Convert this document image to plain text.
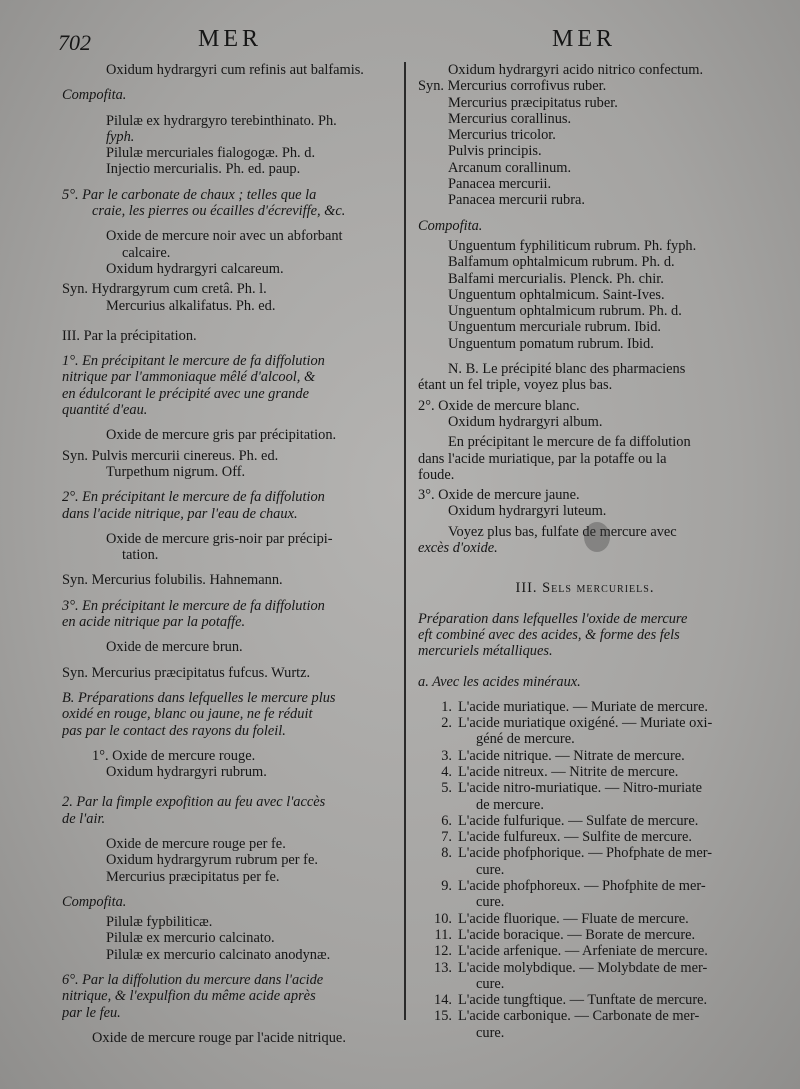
702	MER	MER
Oxidum hydrargyri cum refinis aut balfamis.
Compofita.
Pilulæ ex hydrargyro terebinthinato. Ph.
fyph.
Pilulæ mercuriales fialogogæ. Ph. d.
Injectio mercurialis. Ph. ed. paup.
5°. Par le carbonate de chaux ; telles que la
craie, les pierres ou écailles d'écreviffe, &c.
Oxide de mercure noir avec un abforbant
calcaire.
Oxidum hydrargyri calcareum.
Syn. Hydrargyrum cum cretâ. Ph. l.
Mercurius alkalifatus. Ph. ed.
III. Par la précipitation.
1°. En précipitant le mercure de fa diffolution
nitrique par l'ammoniaque mêlé d'alcool, &
en édulcorant le précipité avec une grande
quantité d'eau.
Oxide de mercure gris par précipitation.
Syn. Pulvis mercurii cinereus. Ph. ed.
Turpethum nigrum. Off.
2°. En précipitant le mercure de fa diffolution
dans l'acide nitrique, par l'eau de chaux.
Oxide de mercure gris-noir par précipi-
tation.
Syn. Mercurius folubilis. Hahnemann.
3°. En précipitant le mercure de fa diffolution
en acide nitrique par la potaffe.
Oxide de mercure brun.
Syn. Mercurius præcipitatus fufcus. Wurtz.
B. Préparations dans lefquelles le mercure plus
oxidé en rouge, blanc ou jaune, ne fe réduit
pas par le contact des rayons du foleil.
1°. Oxide de mercure rouge.
Oxidum hydrargyri rubrum.
2. Par la fimple expofition au feu avec l'accès
de l'air.
Oxide de mercure rouge per fe.
Oxidum hydrargyrum rubrum per fe.
Mercurius præcipitatus per fe.
Compofita.
Pilulæ fypbiliticæ.
Pilulæ ex mercurio calcinato.
Pilulæ ex mercurio calcinato anodynæ.
6°. Par la diffolution du mercure dans l'acide
nitrique, & l'expulfion du même acide après
par le feu.
Oxide de mercure rouge par l'acide nitrique.
Oxidum hydrargyri acido nitrico confectum.
Syn. Mercurius corrofivus ruber.
Mercurius præcipitatus ruber.
Mercurius corallinus.
Mercurius tricolor.
Pulvis principis.
Arcanum corallinum.
Panacea mercurii.
Panacea mercurii rubra.
Compofita.
Unguentum fyphiliticum rubrum. Ph. fyph.
Balfamum ophtalmicum rubrum. Ph. d.
Balfami mercurialis. Plenck. Ph. chir.
Unguentum ophtalmicum. Saint-Ives.
Unguentum ophtalmicum rubrum. Ph. d.
Unguentum mercuriale rubrum. Ibid.
Unguentum pomatum rubrum. Ibid.
N. B. Le précipité blanc des pharmaciens
étant un fel triple, voyez plus bas.
2°. Oxide de mercure blanc.
Oxidum hydrargyri album.
En précipitant le mercure de fa diffolution
dans l'acide muriatique, par la potaffe ou la
foude.
3°. Oxide de mercure jaune.
Oxidum hydrargyri luteum.
Voyez plus bas, fulfate de mercure avec
excès d'oxide.
III. Sels mercuriels.
Préparation dans lefquelles l'oxide de mercure
eft combiné avec des acides, & forme des fels
mercuriels métalliques.
a. Avec les acides minéraux.
1. L'acide muriatique. — Muriate de mercure.
2. L'acide muriatique oxigéné. — Muriate oxi-
géné de mercure.
3. L'acide nitrique. — Nitrate de mercure.
4. L'acide nitreux. — Nitrite de mercure.
5. L'acide nitro-muriatique. — Nitro-muriate
de mercure.
6. L'acide fulfurique. — Sulfate de mercure.
7. L'acide fulfureux. — Sulfite de mercure.
8. L'acide phofphorique. — Phofphate de mer-
cure.
9. L'acide phofphoreux. — Phofphite de mer-
cure.
10. L'acide fluorique. — Fluate de mercure.
11. L'acide boracique. — Borate de mercure.
12. L'acide arfenique. — Arfeniate de mercure.
13. L'acide molybdique. — Molybdate de mer-
cure.
14. L'acide tungftique. — Tunftate de mercure.
15. L'acide carbonique. — Carbonate de mer-
cure.
